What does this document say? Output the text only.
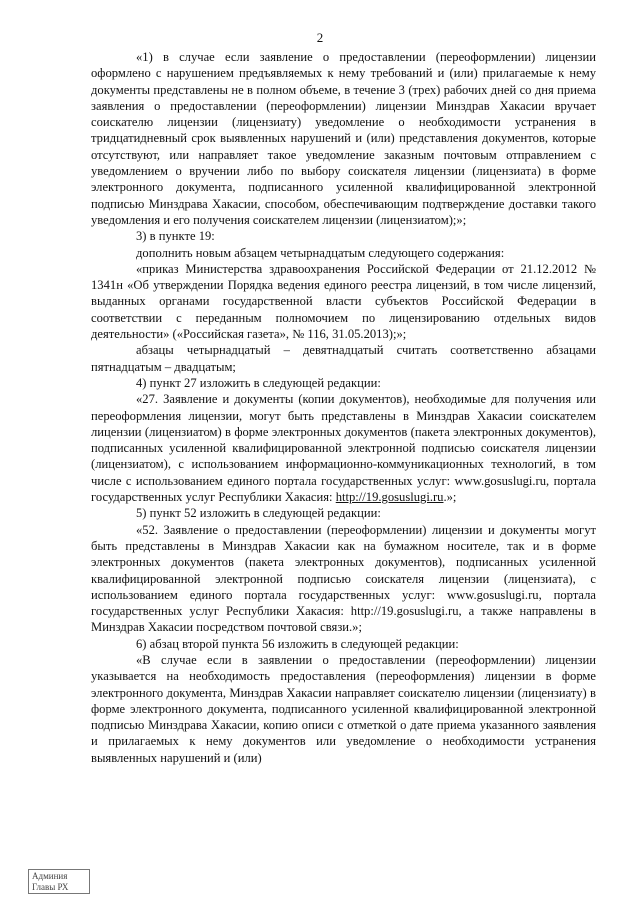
2

«1) в случае если заявление о предоставлении (переоформлении) лицензии оформлено с нарушением предъявляемых к нему требований и (или) прилагаемые к нему документы представлены не в полном объеме, в течение 3 (трех) рабочих дней со дня приема заявления о предоставлении (переоформлении) лицензии Минздрав Хакасии вручает соискателю лицензии (лицензиату) уведомление о необходимости устранения в тридцатидневный срок выявленных нарушений и (или) представления документов, которые отсутствуют, или направляет такое уведомление заказным почтовым отправлением с уведомлением о вручении либо по выбору соискателя лицензии (лицензиата) в форме электронного документа, подписанного усиленной квалифицированной электронной подписью Минздрава Хакасии, способом, обеспечивающим подтверждение доставки такого уведомления и его получения соискателем лицензии (лицензиатом);»;

3) в пункте 19:

дополнить новым абзацем четырнадцатым следующего содержания:

«приказ Министерства здравоохранения Российской Федерации от 21.12.2012 № 1341н «Об утверждении Порядка ведения единого реестра лицензий, в том числе лицензий, выданных органами государственной власти субъектов Российской Федерации в соответствии с переданным полномочием по лицензированию отдельных видов деятельности» («Российская газета», № 116, 31.05.2013);»;

абзацы четырнадцатый – девятнадцатый считать соответственно абзацами пятнадцатым – двадцатым;

4) пункт 27 изложить в следующей редакции:

«27. Заявление и документы (копии документов), необходимые для получения или переоформления лицензии, могут быть представлены в Минздрав Хакасии соискателем лицензии (лицензиатом) в форме электронных документов (пакета электронных документов), подписанных усиленной квалифицированной электронной подписью соискателя лицензии (лицензиатом), с использованием информационно-коммуникационных технологий, в том числе с использованием единого портала государственных услуг: www.gosuslugi.ru, портала государственных услуг Республики Хакасия: http://19.gosuslugi.ru.»;

5) пункт 52 изложить в следующей редакции:

«52. Заявление о предоставлении (переоформлении) лицензии и документы могут быть представлены в Минздрав Хакасии как на бумажном носителе, так и в форме электронных документов (пакета электронных документов), подписанных усиленной квалифицированной электронной подписью соискателя лицензии (лицензиата), с использованием единого портала государственных услуг: www.gosuslugi.ru, портала государственных услуг Республики Хакасия: http://19.gosuslugi.ru, а также направлены в Минздрав Хакасии посредством почтовой связи.»;

6) абзац второй пункта 56 изложить в следующей редакции:

«В случае если в заявлении о предоставлении (переоформлении) лицензии указывается на необходимость предоставления (переоформления) лицензии в форме электронного документа, Минздрав Хакасии направляет соискателю лицензии (лицензиату) в форме электронного документа, подписанного усиленной квалифицированной электронной подписью Минздрава Хакасии, копию описи с отметкой о дате приема указанного заявления и прилагаемых к нему документов или уведомление о необходимости устранения выявленных нарушений и (или)

Админия
Главы РХ
